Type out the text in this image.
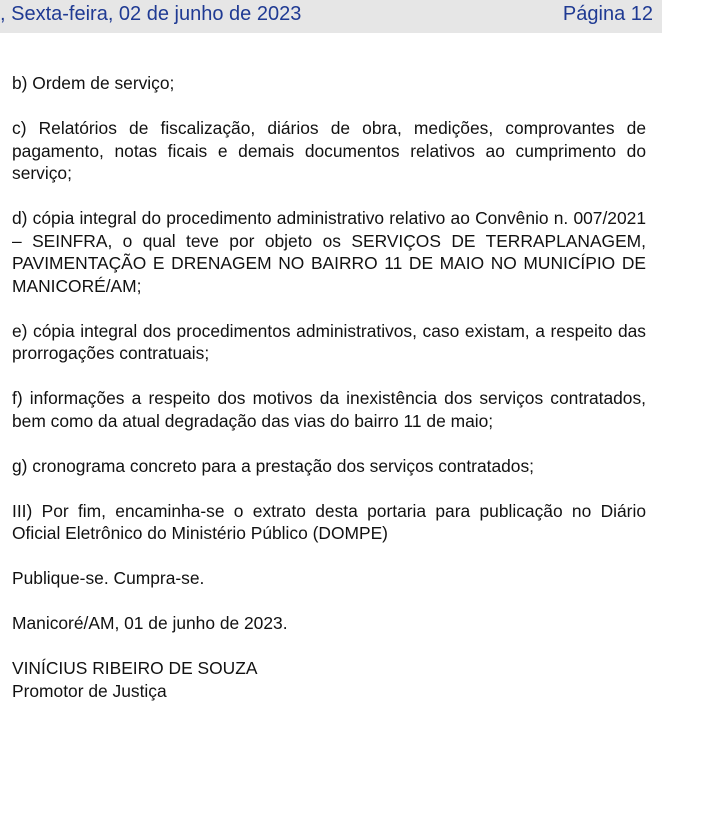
, Sexta-feira, 02 de junho de 2023	Página 12

b) Ordem de serviço;

c) Relatórios de fiscalização, diários de obra, medições, comprovantes de pagamento, notas ficais e demais documentos relativos ao cumprimento do serviço;

d) cópia integral do procedimento administrativo relativo ao Convênio n. 007/2021 – SEINFRA, o qual teve por objeto os SERVIÇOS DE TERRAPLANAGEM, PAVIMENTAÇÃO E DRENAGEM NO BAIRRO 11 DE MAIO NO MUNICÍPIO DE MANICORÉ/AM;

e) cópia integral dos procedimentos administrativos, caso existam, a respeito das prorrogações contratuais;

f) informações a respeito dos motivos da inexistência dos serviços contratados, bem como da atual degradação das vias do bairro 11 de maio;

g) cronograma concreto para a prestação dos serviços contratados;

III) Por fim, encaminha-se o extrato desta portaria para publicação no Diário Oficial Eletrônico do Ministério Público (DOMPE)

Publique-se. Cumpra-se.

Manicoré/AM, 01 de junho de 2023.

VINÍCIUS RIBEIRO DE SOUZA

Promotor de Justiça
